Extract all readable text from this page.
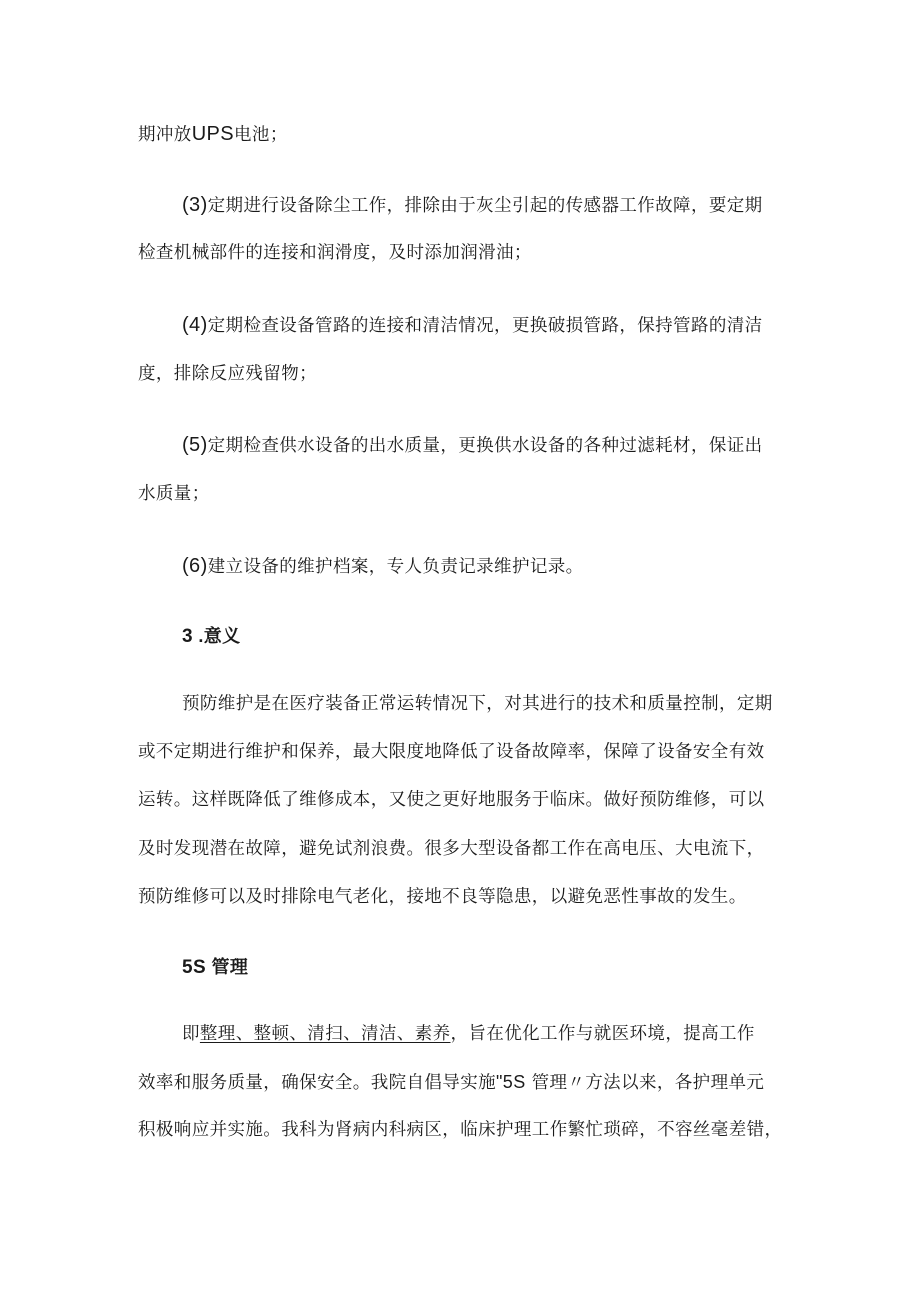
期冲放UPS电池；
(3)定期进行设备除尘工作，排除由于灰尘引起的传感器工作故障，要定期
检查机械部件的连接和润滑度，及时添加润滑油；
(4)定期检查设备管路的连接和清洁情况，更换破损管路，保持管路的清洁
度，排除反应残留物；
(5)定期检查供水设备的出水质量，更换供水设备的各种过滤耗材，保证出
水质量；
(6)建立设备的维护档案，专人负责记录维护记录。
3 .意义
预防维护是在医疗装备正常运转情况下，对其进行的技术和质量控制，定期
或不定期进行维护和保养，最大限度地降低了设备故障率，保障了设备安全有效
运转。这样既降低了维修成本，又使之更好地服务于临床。做好预防维修，可以
及时发现潜在故障，避免试剂浪费。很多大型设备都工作在高电压、大电流下，
预防维修可以及时排除电气老化，接地不良等隐患，以避免恶性事故的发生。
5S 管理
即整理、整顿、清扫、清洁、素养，旨在优化工作与就医环境，提高工作
效率和服务质量，确保安全。我院自倡导实施"5S 管理〃方法以来，各护理单元
积极响应并实施。我科为肾病内科病区，临床护理工作繁忙琐碎，不容丝毫差错，
